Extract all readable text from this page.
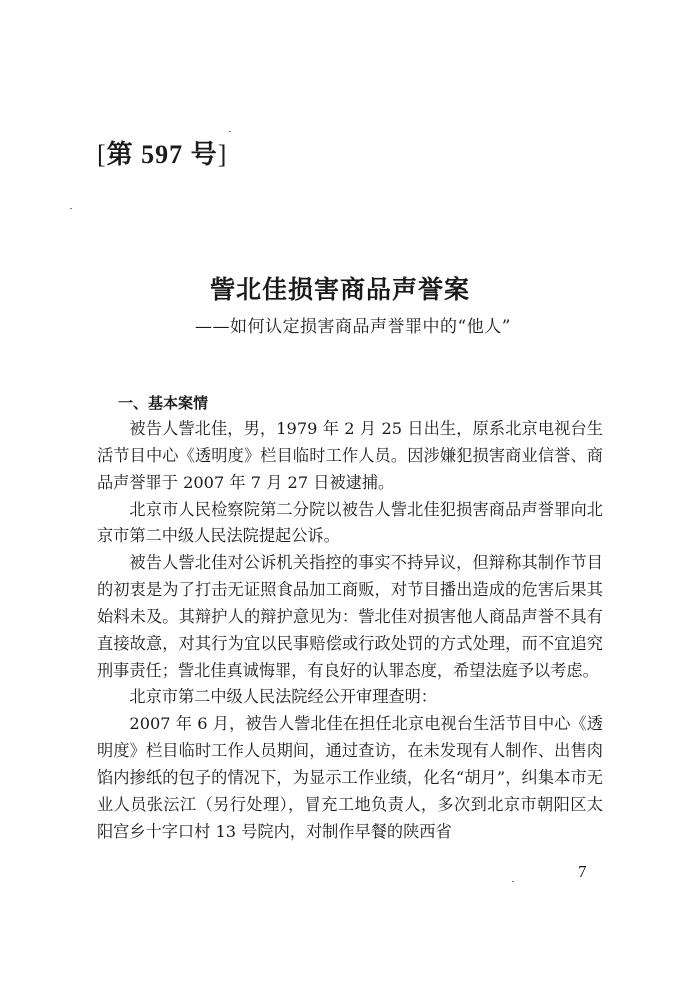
[第 597 号]
訾北佳损害商品声誉案
——如何认定损害商品声誉罪中的“他人”
一、基本案情

被告人訾北佳，男，1979 年 2 月 25 日出生，原系北京电视台生活节目中心《透明度》栏目临时工作人员。因涉嫌犯损害商业信誉、商品声誉罪于 2007 年 7 月 27 日被逮捕。

北京市人民检察院第二分院以被告人訾北佳犯损害商品声誉罪向北京市第二中级人民法院提起公诉。

被告人訾北佳对公诉机关指控的事实不持异议，但辩称其制作节目的初衷是为了打击无证照食品加工商贩，对节目播出造成的危害后果其始料未及。其辩护人的辩护意见为：訾北佳对损害他人商品声誉不具有直接故意，对其行为宜以民事赔偿或行政处罚的方式处理，而不宜追究刑事责任；訾北佳真诚悔罪，有良好的认罪态度，希望法庭予以考虑。

北京市第二中级人民法院经公开审理查明：

2007 年 6 月，被告人訾北佳在担任北京电视台生活节目中心《透明度》栏目临时工作人员期间，通过查访，在未发现有人制作、出售肉馅内掺纸的包子的情况下，为显示工作业绩，化名“胡月”，纠集本市无业人员张沄江（另行处理），冒充工地负责人，多次到北京市朝阳区太阳宫乡十字口村 13 号院内，对制作早餐的陕西省

7
